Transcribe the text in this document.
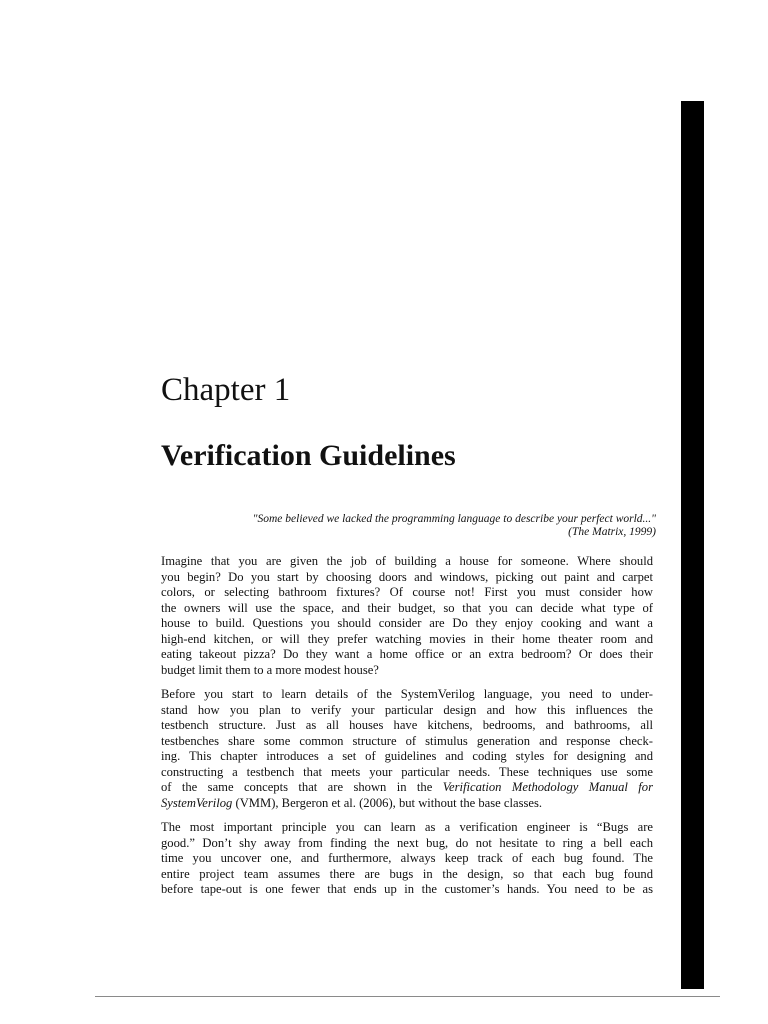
Chapter 1
Verification Guidelines
"Some believed we lacked the programming language to describe your perfect world..."
(The Matrix, 1999)

Imagine that you are given the job of building a house for someone. Where should
you begin? Do you start by choosing doors and windows, picking out paint and carpet
colors, or selecting bathroom fixtures? Of course not! First you must consider how
the owners will use the space, and their budget, so that you can decide what type of
house to build. Questions you should consider are Do they enjoy cooking and want a
high-end kitchen, or will they prefer watching movies in their home theater room and
eating takeout pizza? Do they want a home office or an extra bedroom? Or does their
budget limit them to a more modest house?

Before you start to learn details of the SystemVerilog language, you need to under-
stand how you plan to verify your particular design and how this influences the
testbench structure. Just as all houses have kitchens, bedrooms, and bathrooms, all
testbenches share some common structure of stimulus generation and response check-
ing. This chapter introduces a set of guidelines and coding styles for designing and
constructing a testbench that meets your particular needs. These techniques use some
of the same concepts that are shown in the Verification Methodology Manual for
SystemVerilog (VMM), Bergeron et al. (2006), but without the base classes.

The most important principle you can learn as a verification engineer is “Bugs are
good.” Don’t shy away from finding the next bug, do not hesitate to ring a bell each
time you uncover one, and furthermore, always keep track of each bug found. The
entire project team assumes there are bugs in the design, so that each bug found
before tape-out is one fewer that ends up in the customer’s hands. You need to be as
